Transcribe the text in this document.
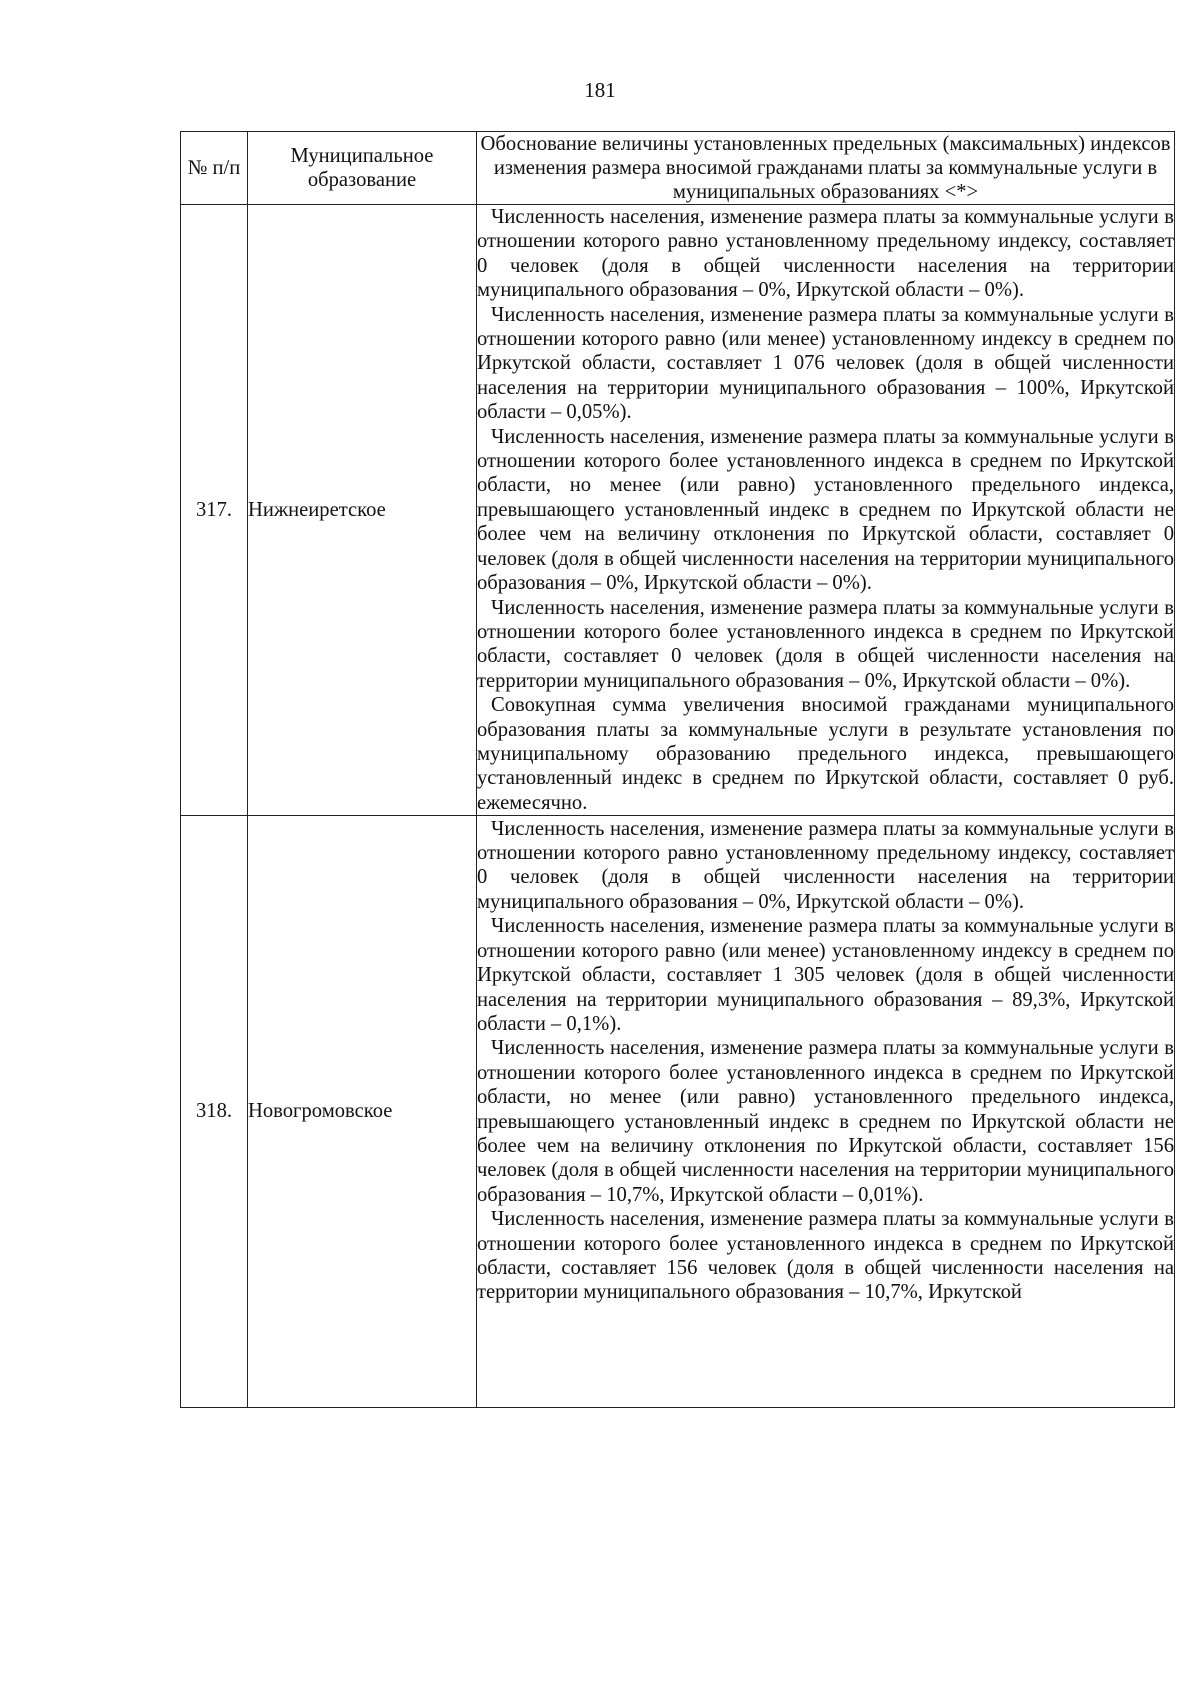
181
№ п/п	Муниципальное образование	Обоснование величины установленных предельных (максимальных) индексов изменения размера вносимой гражданами платы за коммунальные услуги в муниципальных образованиях <*>
317.	Нижнеиретское	Численность населения, изменение размера платы за коммунальные услуги в отношении которого равно установленному предельному индексу, составляет 0 человек (доля в общей численности населения на территории муниципального образования – 0%, Иркутской области – 0%).

Численность населения, изменение размера платы за коммунальные услуги в отношении которого равно (или менее) установленному индексу в среднем по Иркутской области, составляет 1 076 человек (доля в общей численности населения на территории муниципального образования – 100%, Иркутской области – 0,05%).

Численность населения, изменение размера платы за коммунальные услуги в отношении которого более установленного индекса в среднем по Иркутской области, но менее (или равно) установленного предельного индекса, превышающего установленный индекс в среднем по Иркутской области не более чем на величину отклонения по Иркутской области, составляет 0 человек (доля в общей численности населения на территории муниципального образования – 0%, Иркутской области – 0%).

Численность населения, изменение размера платы за коммунальные услуги в отношении которого более установленного индекса в среднем по Иркутской области, составляет 0 человек (доля в общей численности населения на территории муниципального образования – 0%, Иркутской области – 0%).

Совокупная сумма увеличения вносимой гражданами муниципального образования платы за коммунальные услуги в результате установления по муниципальному образованию предельного индекса, превышающего установленный индекс в среднем по Иркутской области, составляет 0 руб. ежемесячно.

318.	Новогромовское	Численность населения, изменение размера платы за коммунальные услуги в отношении которого равно установленному предельному индексу, составляет 0 человек (доля в общей численности населения на территории муниципального образования – 0%, Иркутской области – 0%).

Численность населения, изменение размера платы за коммунальные услуги в отношении которого равно (или менее) установленному индексу в среднем по Иркутской области, составляет 1 305 человек (доля в общей численности населения на территории муниципального образования – 89,3%, Иркутской области – 0,1%).

Численность населения, изменение размера платы за коммунальные услуги в отношении которого более установленного индекса в среднем по Иркутской области, но менее (или равно) установленного предельного индекса, превышающего установленный индекс в среднем по Иркутской области не более чем на величину отклонения по Иркутской области, составляет 156 человек (доля в общей численности населения на территории муниципального образования – 10,7%, Иркутской области – 0,01%).

Численность населения, изменение размера платы за коммунальные услуги в отношении которого более установленного индекса в среднем по Иркутской области, составляет 156 человек (доля в общей численности населения на территории муниципального образования – 10,7%, Иркутской
